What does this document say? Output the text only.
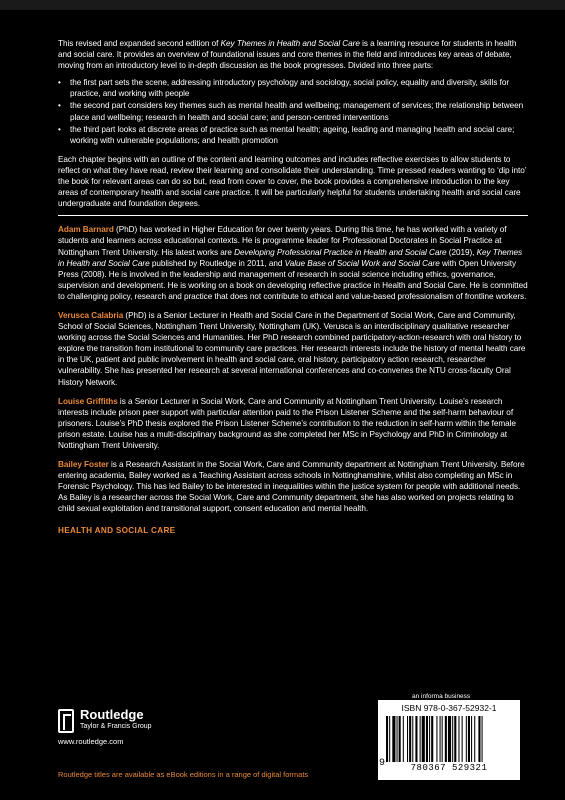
This revised and expanded second edition of Key Themes in Health and Social Care is a learning resource for students in health and social care. It provides an overview of foundational issues and core themes in the field and introduces key areas of debate, moving from an introductory level to in-depth discussion as the book progresses. Divided into three parts:

• the first part sets the scene, addressing introductory psychology and sociology, social policy, equality and diversity, skills for practice, and working with people
• the second part considers key themes such as mental health and wellbeing; management of services; the relationship between place and wellbeing; research in health and social care; and person-centred interventions
• the third part looks at discrete areas of practice such as mental health; ageing, leading and managing health and social care; working with vulnerable populations; and health promotion

Each chapter begins with an outline of the content and learning outcomes and includes reflective exercises to allow students to reflect on what they have read, review their learning and consolidate their understanding. Time pressed readers wanting to ‘dip into’ the book for relevant areas can do so but, read from cover to cover, the book provides a comprehensive introduction to the key areas of contemporary health and social care practice. It will be particularly helpful for students undertaking health and social care undergraduate and foundation degrees.

Adam Barnard (PhD) has worked in Higher Education for over twenty years. During this time, he has worked with a variety of students and learners across educational contexts. He is programme leader for Professional Doctorates in Social Practice at Nottingham Trent University. His latest works are Developing Professional Practice in Health and Social Care (2019), Key Themes in Health and Social Care published by Routledge in 2011, and Value Base of Social Work and Social Care with Open University Press (2008). He is involved in the leadership and management of research in social science including ethics, governance, supervision and development. He is working on a book on developing reflective practice in Health and Social Care. He is committed to challenging policy, research and practice that does not contribute to ethical and value-based professionalism of frontline workers.

Verusca Calabria (PhD) is a Senior Lecturer in Health and Social Care in the Department of Social Work, Care and Community, School of Social Sciences, Nottingham Trent University, Nottingham (UK). Verusca is an interdisciplinary qualitative researcher working across the Social Sciences and Humanities. Her PhD research combined participatory-action-research with oral history to explore the transition from institutional to community care practices. Her research interests include the history of mental health care in the UK, patient and public involvement in health and social care, oral history, participatory action research, researcher vulnerability. She has presented her research at several international conferences and co-convenes the NTU cross-faculty Oral History Network.

Louise Griffiths is a Senior Lecturer in Social Work, Care and Community at Nottingham Trent University. Louise’s research interests include prison peer support with particular attention paid to the Prison Listener Scheme and the self-harm behaviour of prisoners. Louise’s PhD thesis explored the Prison Listener Scheme’s contribution to the reduction in self-harm within the female prison estate. Louise has a multi-disciplinary background as she completed her MSc in Psychology and PhD in Criminology at Nottingham Trent University.

Bailey Foster is a Research Assistant in the Social Work, Care and Community department at Nottingham Trent University. Before entering academia, Bailey worked as a Teaching Assistant across schools in Nottinghamshire, whilst also completing an MSc in Forensic Psychology. This has led Bailey to be interested in inequalities within the justice system for people with additional needs. As Bailey is a researcher across the Social Work, Care and Community department, she has also worked on projects relating to child sexual exploitation and transitional support, consent education and mental health.

HEALTH AND SOCIAL CARE
Routledge
Taylor & Francis Group
www.routledge.com
Routledge titles are available as eBook editions in a range of digital formats
an informa business
ISBN 978-0-367-52932-1
9	780367 529321
